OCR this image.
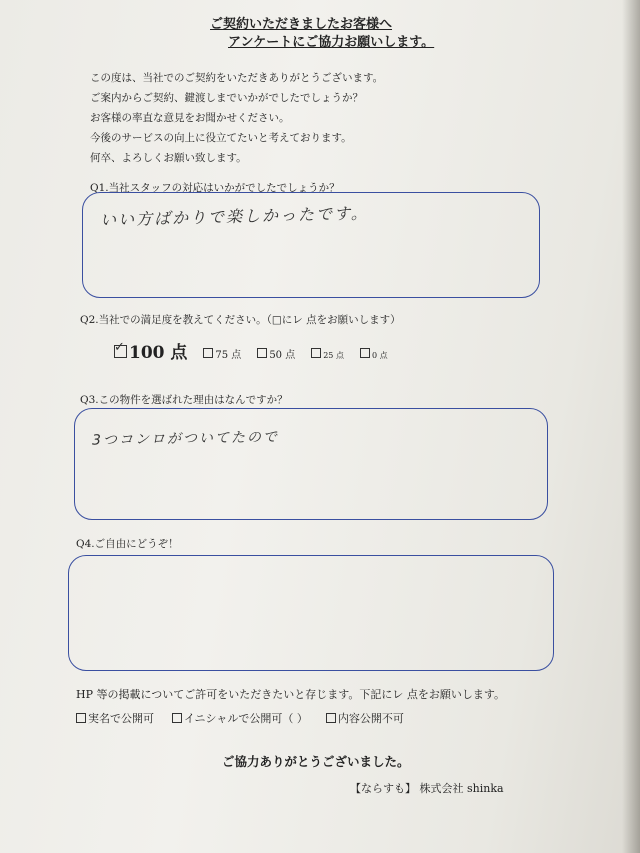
ご契約いただきましたお客様へ
アンケートにご協力お願いします。
この度は、当社でのご契約をいただきありがとうございます。
ご案内からご契約、鍵渡しまでいかがでしたでしょうか？
お客様の率直な意見をお聞かせください。
今後のサービスの向上に役立てたいと考えております。
何卒、よろしくお願い致します。
Q1.当社スタッフの対応はいかがでしたでしょうか？
いい方ばかりで楽しかったです。
Q2.当社での満足度を教えてください。（□にレ 点をお願いします）
✓ 100 点	75 点	50 点	25 点	0 点
Q3.この物件を選ばれた理由はなんですか？
3つコンロがついてたので
Q4.ご自由にどうぞ！
HP 等の掲載についてご許可をいただきたいと存じます。下記にレ 点をお願いします。
実名で公開可	イニシャルで公開可（ ）	内容公開不可
ご協力ありがとうございました。
【ならすも】 株式会社 shinka
